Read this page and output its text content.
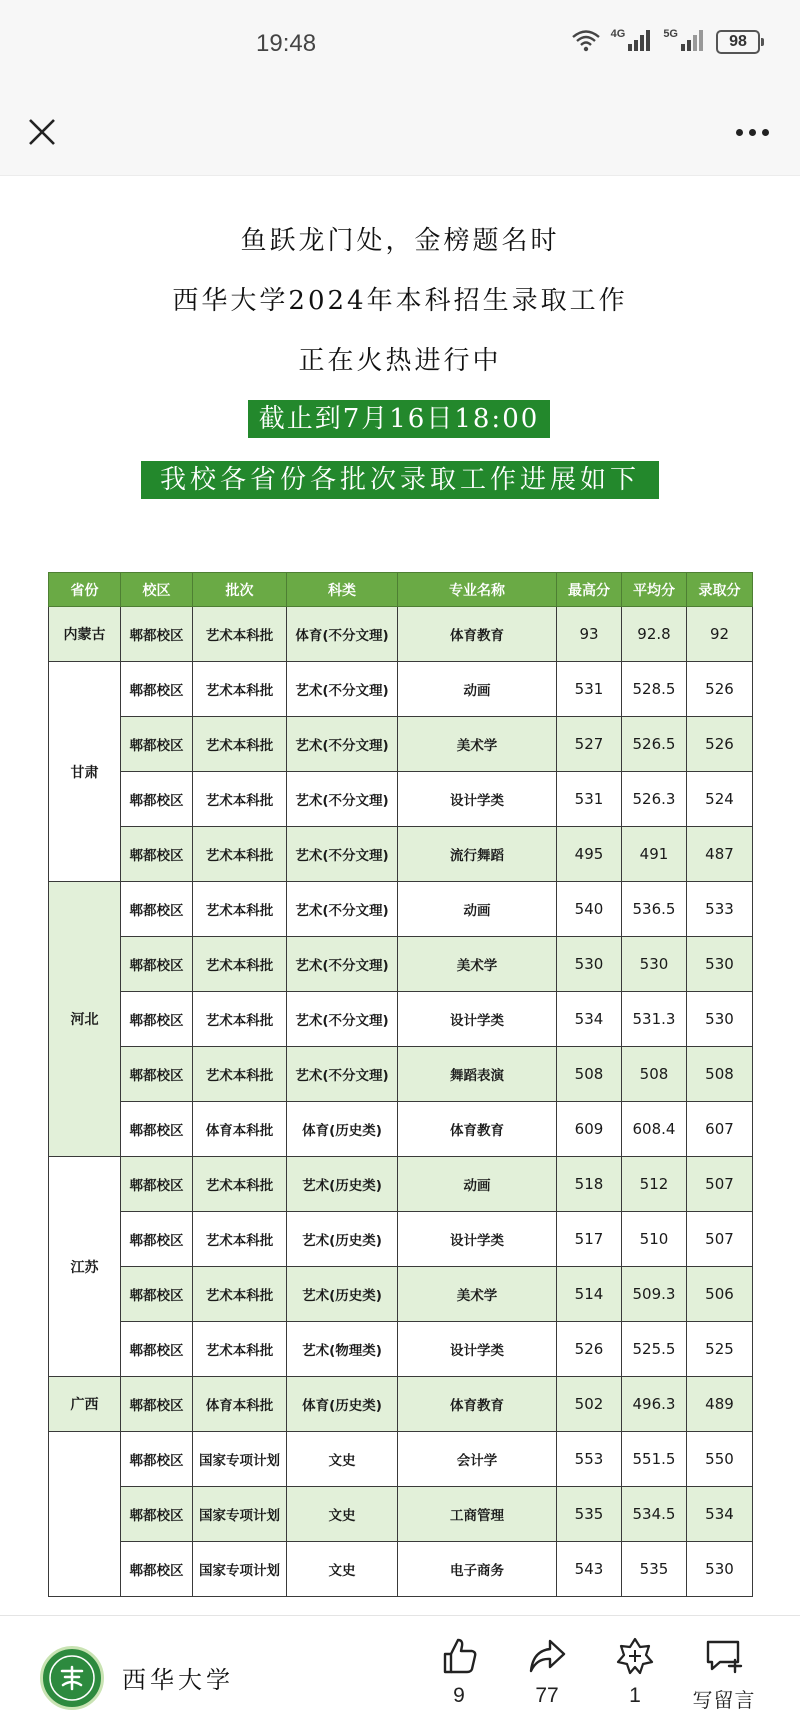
19:48	4G	5G	98
鱼跃龙门处，金榜题名时
西华大学2024年本科招生录取工作
正在火热进行中
截止到7月16日18:00
我校各省份各批次录取工作进展如下
省份	校区	批次	科类	专业名称	最高分	平均分	录取分
内蒙古	郫都校区	艺术本科批	体育(不分文理)	体育教育	93	92.8	92
甘肃	郫都校区	艺术本科批	艺术(不分文理)	动画	531	528.5	526
	郫都校区	艺术本科批	艺术(不分文理)	美术学	527	526.5	526
	郫都校区	艺术本科批	艺术(不分文理)	设计学类	531	526.3	524
	郫都校区	艺术本科批	艺术(不分文理)	流行舞蹈	495	491	487
河北	郫都校区	艺术本科批	艺术(不分文理)	动画	540	536.5	533
	郫都校区	艺术本科批	艺术(不分文理)	美术学	530	530	530
	郫都校区	艺术本科批	艺术(不分文理)	设计学类	534	531.3	530
	郫都校区	艺术本科批	艺术(不分文理)	舞蹈表演	508	508	508
	郫都校区	体育本科批	体育(历史类)	体育教育	609	608.4	607
江苏	郫都校区	艺术本科批	艺术(历史类)	动画	518	512	507
	郫都校区	艺术本科批	艺术(历史类)	设计学类	517	510	507
	郫都校区	艺术本科批	艺术(历史类)	美术学	514	509.3	506
	郫都校区	艺术本科批	艺术(物理类)	设计学类	526	525.5	525
广西	郫都校区	体育本科批	体育(历史类)	体育教育	502	496.3	489
	郫都校区	国家专项计划	文史	会计学	553	551.5	550
	郫都校区	国家专项计划	文史	工商管理	535	534.5	534
	郫都校区	国家专项计划	文史	电子商务	543	535	530
西华大学
9	77	1	写留言
